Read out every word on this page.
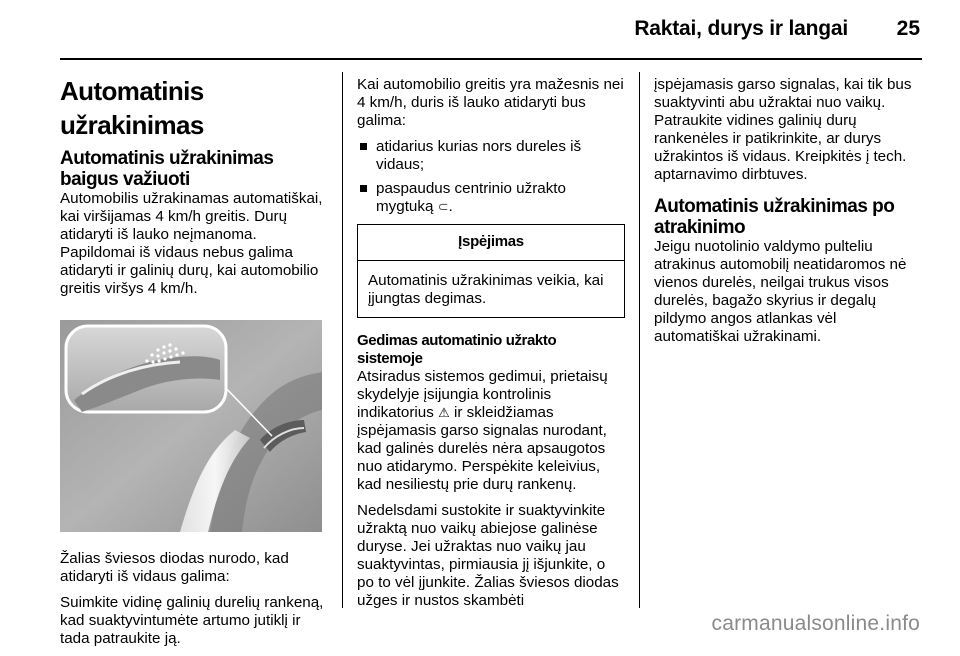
Raktai, durys ir langai 25
Automatinis užrakinimas
Automatinis užrakinimas baigus važiuoti

Automobilis užrakinamas automatiškai, kai viršijamas 4 km/h greitis. Durų atidaryti iš lauko neįmanoma. Papildomai iš vidaus nebus galima atidaryti ir galinių durų, kai automobilio greitis viršys 4 km/h.

Žalias šviesos diodas nurodo, kad atidaryti iš vidaus galima:

Suimkite vidinę galinių durelių rankeną, kad suaktyvintumėte artumo jutiklį ir tada patraukite ją.

Kai automobilio greitis yra mažesnis nei 4 km/h, duris iš lauko atidaryti bus galima:

atidarius kurias nors dureles iš vidaus;
paspaudus centrinio užrakto mygtuką ⊂.
Įspėjimas
Automatinis užrakinimas veikia, kai įjungtas degimas.
Gedimas automatinio užrakto sistemoje

Atsiradus sistemos gedimui, prietaisų skydelyje įsijungia kontrolinis indikatorius ⚠ ir skleidžiamas įspėjamasis garso signalas nurodant, kad galinės durelės nėra apsaugotos nuo atidarymo. Perspėkite keleivius, kad nesiliestų prie durų rankenų.

Nedelsdami sustokite ir suaktyvinkite užraktą nuo vaikų abiejose galinėse duryse. Jei užraktas nuo vaikų jau suaktyvintas, pirmiausia jį išjunkite, o po to vėl įjunkite. Žalias šviesos diodas užges ir nustos skambėti

įspėjamasis garso signalas, kai tik bus suaktyvinti abu užraktai nuo vaikų. Patraukite vidines galinių durų rankenėles ir patikrinkite, ar durys užrakintos iš vidaus. Kreipkitės į tech. aptarnavimo dirbtuves.

Automatinis užrakinimas po atrakinimo

Jeigu nuotolinio valdymo pulteliu atrakinus automobilį neatidaromos nė vienos durelės, neilgai trukus visos durelės, bagažo skyrius ir degalų pildymo angos atlankas vėl automatiškai užrakinami.

carmanualsonline.info
